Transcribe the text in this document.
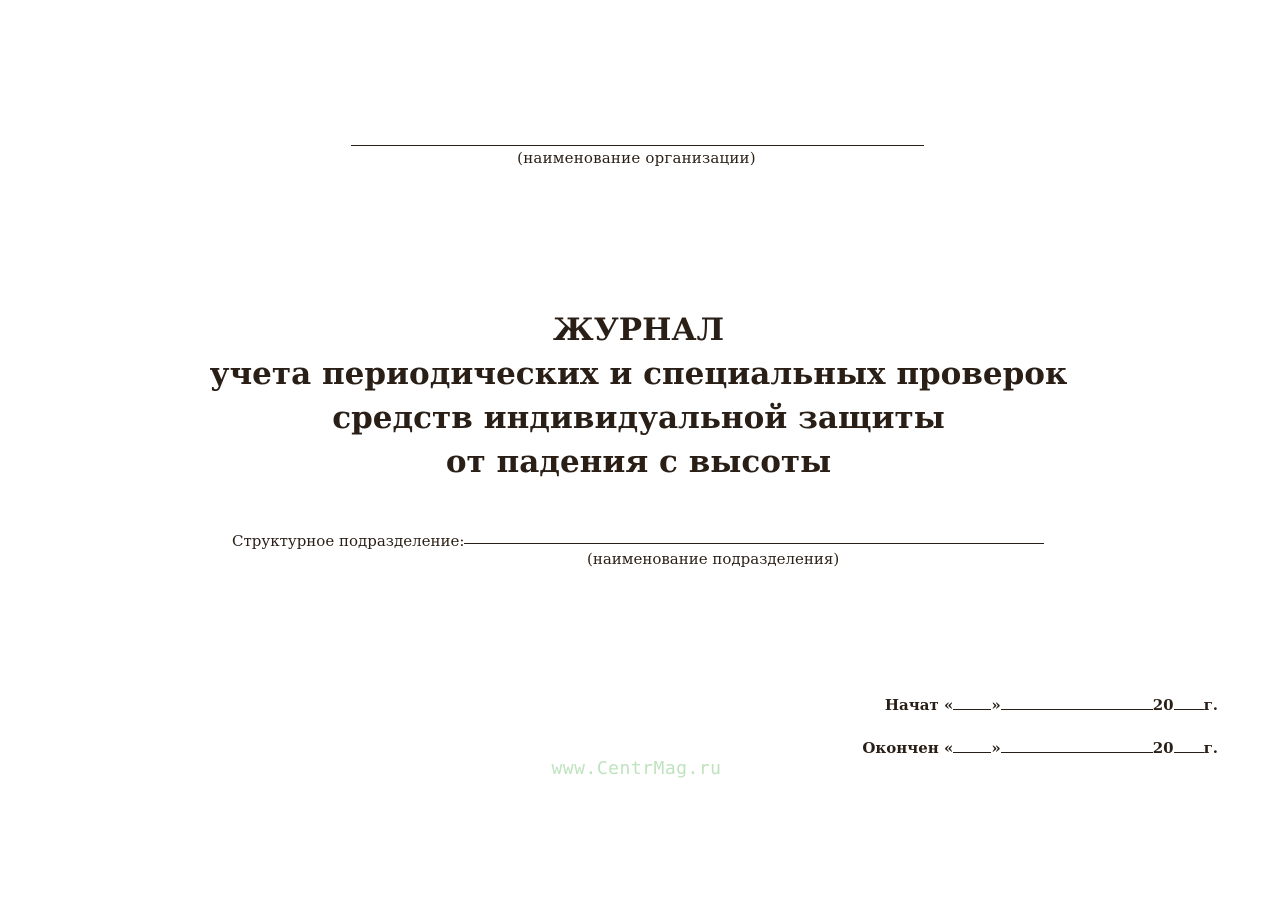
(наименование организации)
ЖУРНАЛ
учета периодических и специальных проверок
средств индивидуальной защиты
от падения с высоты
Структурное подразделение:
(наименование подразделения)
Начат «	»	20 г.
Окончен «	»	20 г.
www.CentrMag.ru
